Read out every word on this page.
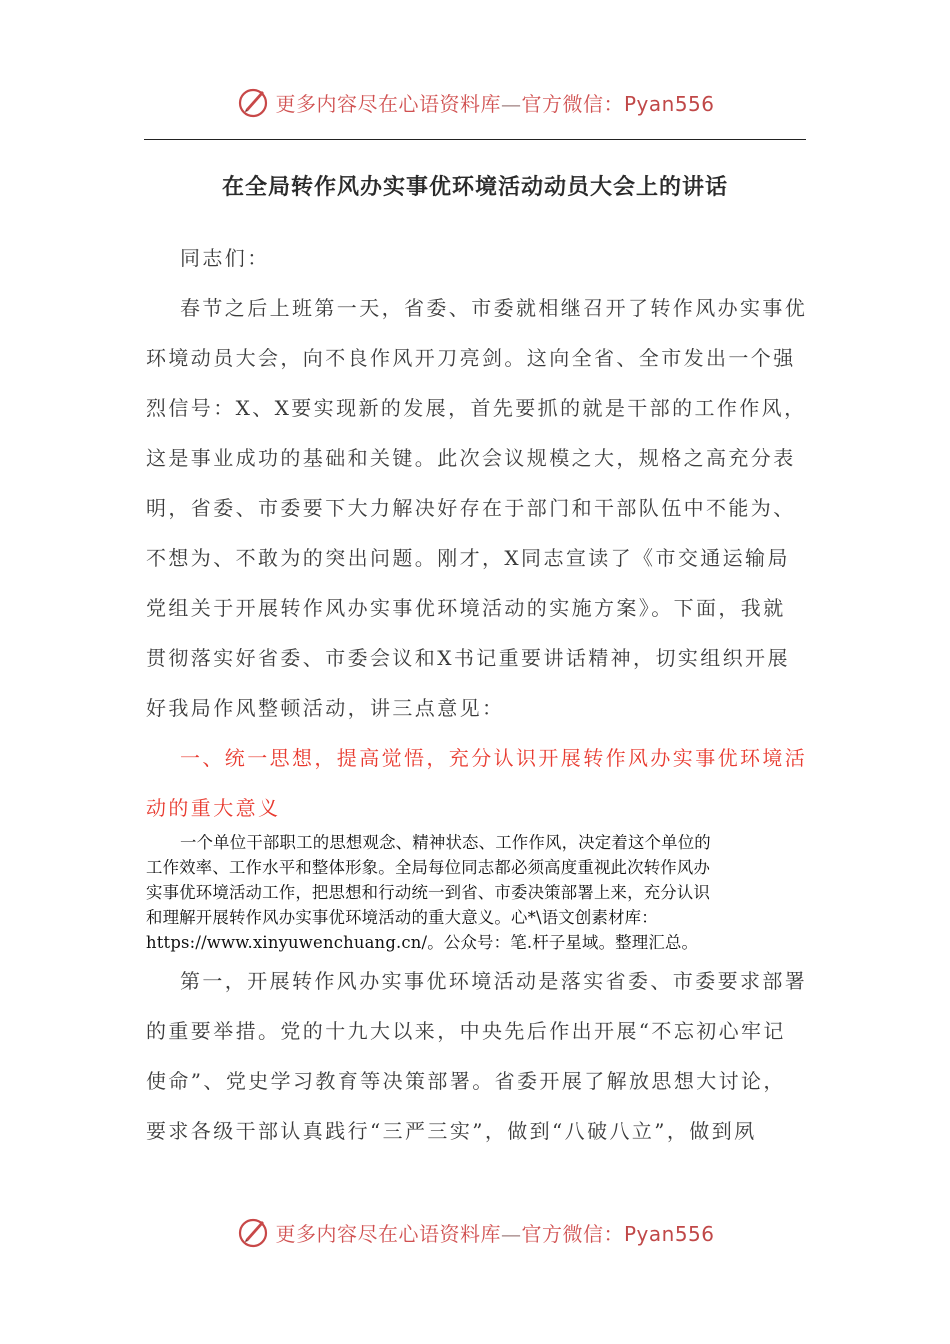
更多内容尽在心语资料库—官方微信：Pyan556
在全局转作风办实事优环境活动动员大会上的讲话
同志们：
春节之后上班第一天，省委、市委就相继召开了转作风办实事优
环境动员大会，向不良作风开刀亮剑。这向全省、全市发出一个强
烈信号：X、X要实现新的发展，首先要抓的就是干部的工作作风，
这是事业成功的基础和关键。此次会议规模之大，规格之高充分表
明，省委、市委要下大力解决好存在于部门和干部队伍中不能为、
不想为、不敢为的突出问题。刚才，X同志宣读了《市交通运输局
党组关于开展转作风办实事优环境活动的实施方案》。下面，我就
贯彻落实好省委、市委会议和X书记重要讲话精神，切实组织开展
好我局作风整顿活动，讲三点意见：
一、统一思想，提高觉悟，充分认识开展转作风办实事优环境活
动的重大意义
一个单位干部职工的思想观念、精神状态、工作作风，决定着这个单位的
工作效率、工作水平和整体形象。全局每位同志都必须高度重视此次转作风办
实事优环境活动工作，把思想和行动统一到省、市委决策部署上来，充分认识
和理解开展转作风办实事优环境活动的重大意义。心*\语文创素材库：
https://www.xinyuwenchuang.cn/。公众号：笔.杆子星域。整理汇总。
第一，开展转作风办实事优环境活动是落实省委、市委要求部署
的重要举措。党的十九大以来，中央先后作出开展“不忘初心牢记
使命”、党史学习教育等决策部署。省委开展了解放思想大讨论，
要求各级干部认真践行“三严三实”，做到“八破八立”，做到夙
更多内容尽在心语资料库—官方微信：Pyan556
